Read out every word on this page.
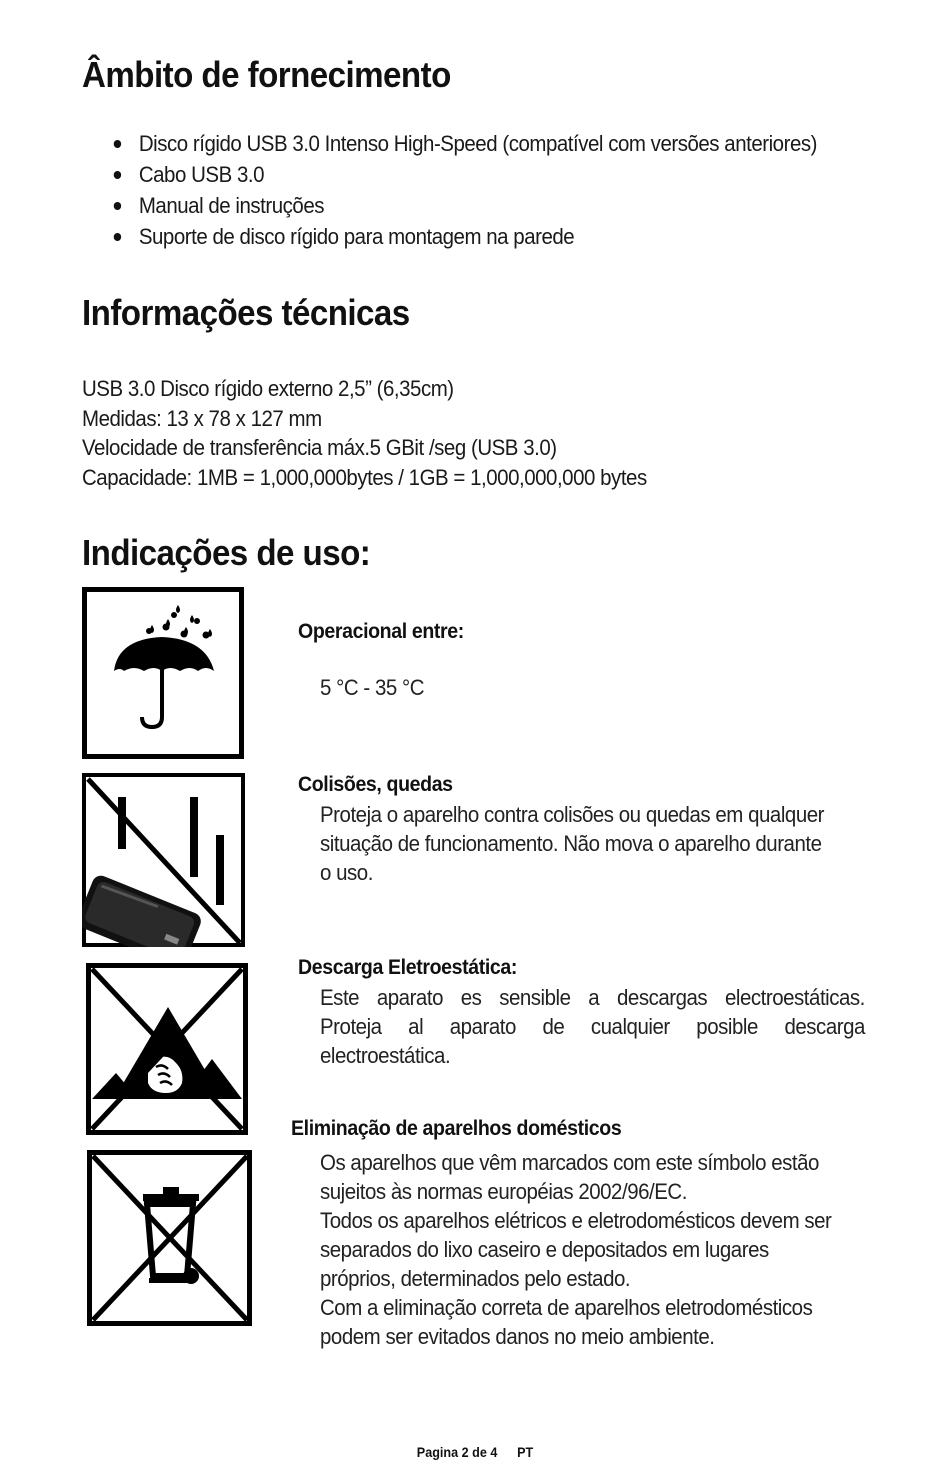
Âmbito de fornecimento
Disco rígido USB 3.0 Intenso High-Speed (compatível com versões anteriores)
Cabo USB 3.0
Manual de instruções
Suporte de disco rígido para montagem na parede
Informações técnicas
USB 3.0 Disco rígido externo 2,5” (6,35cm)
Medidas: 13 x 78 x 127 mm
Velocidade de transferência máx.5 GBit /seg (USB 3.0)
Capacidade: 1MB = 1,000,000bytes / 1GB = 1,000,000,000 bytes
Indicações de uso:
Operacional entre:
5 °C - 35 °C
Colisões, quedas
Proteja o aparelho contra colisões ou quedas em qualquer
situação de funcionamento. Não mova o aparelho durante
o uso.
Descarga Eletroestática:
Este aparato es sensible a descargas electroestáticas.
Proteja al aparato de cualquier posible descarga
electroestática.
Eliminação de aparelhos domésticos
Os aparelhos que vêm marcados com este símbolo estão
sujeitos às normas européias 2002/96/EC.
Todos os aparelhos elétricos e eletrodomésticos devem ser
separados do lixo caseiro e depositados em lugares
próprios, determinados pelo estado.
Com a eliminação correta de aparelhos eletrodomésticos
podem ser evitados danos no meio ambiente.
Pagina 2 de 4 PT
